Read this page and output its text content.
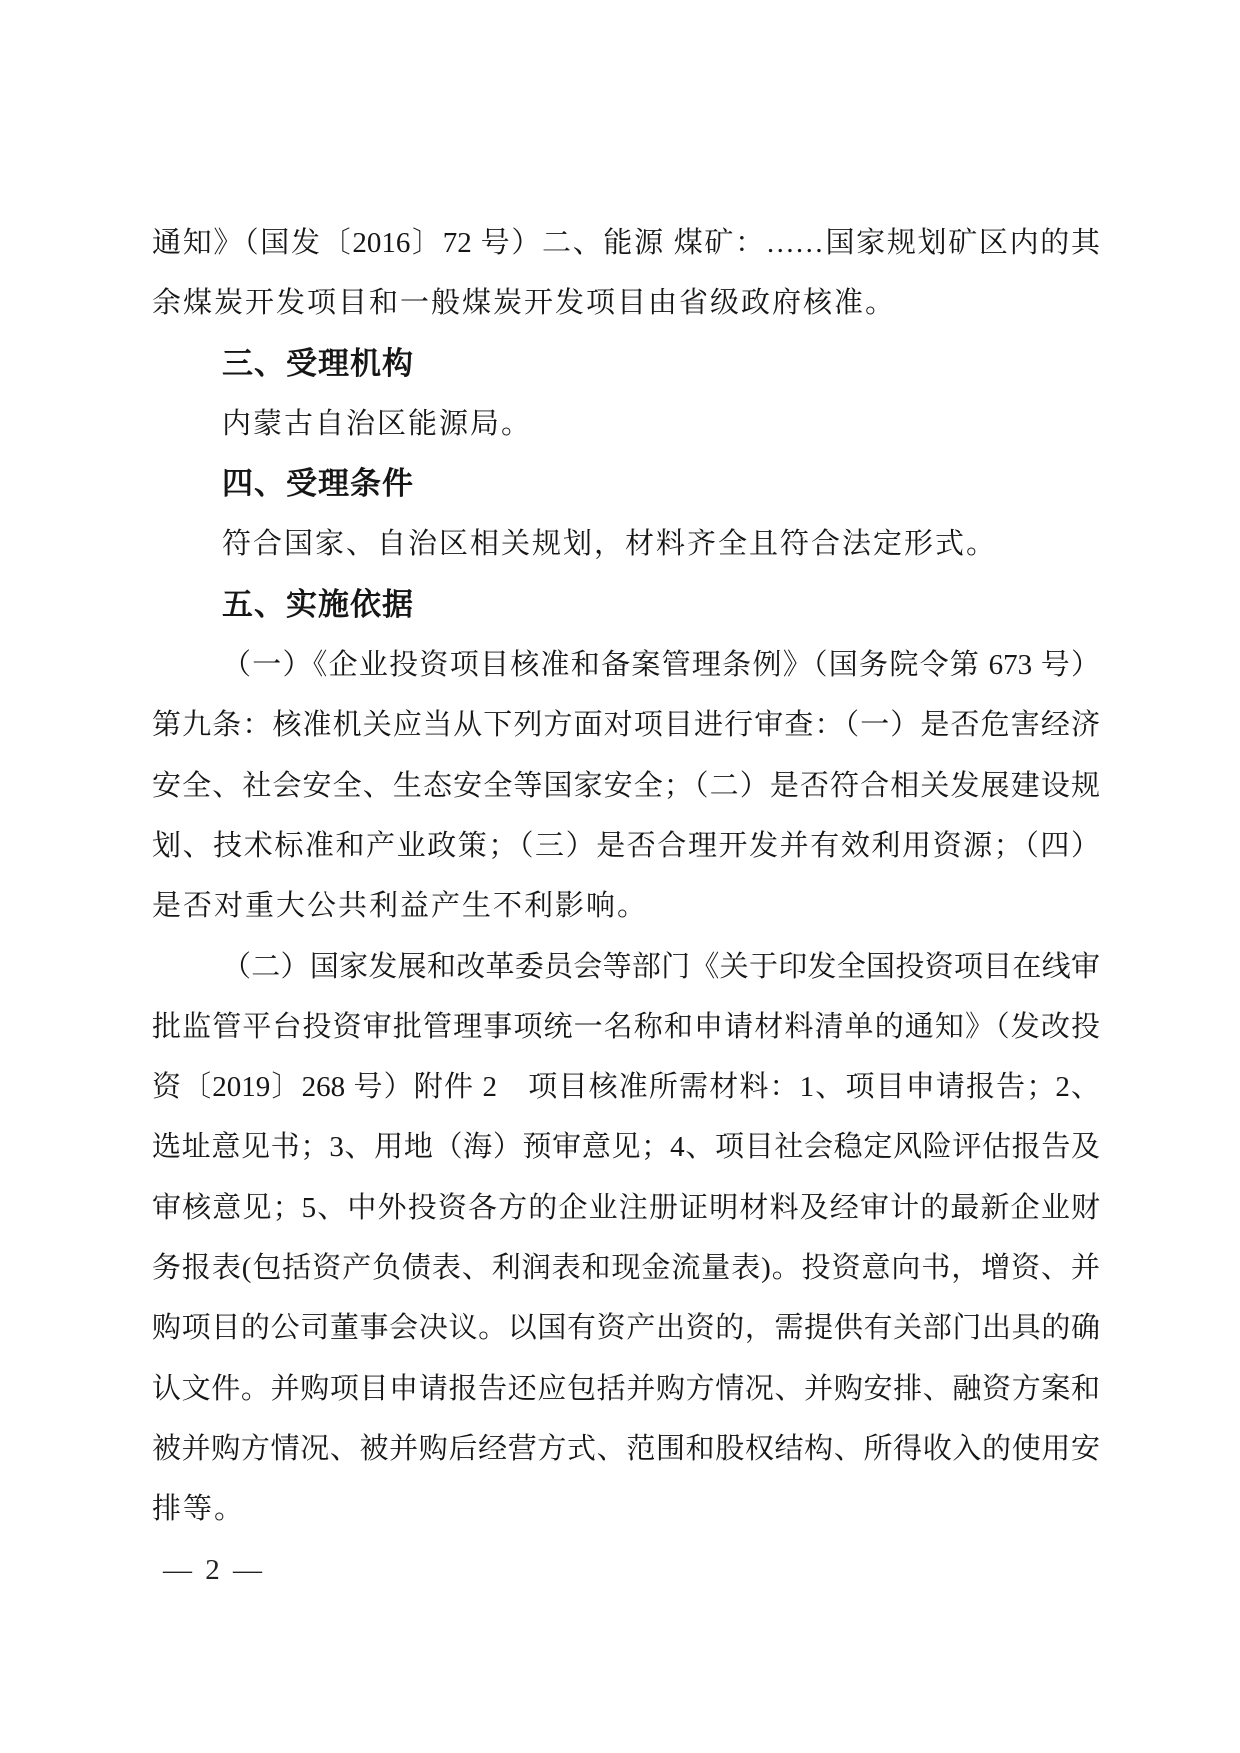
通知》（国发〔2016〕72 号）二、能源 煤矿：……国家规划矿区内的其
余煤炭开发项目和一般煤炭开发项目由省级政府核准。
三、受理机构
内蒙古自治区能源局。
四、受理条件
符合国家、自治区相关规划，材料齐全且符合法定形式。
五、实施依据
（一）《企业投资项目核准和备案管理条例》（国务院令第 673 号）
第九条：核准机关应当从下列方面对项目进行审查：（一）是否危害经济
安全、社会安全、生态安全等国家安全；（二）是否符合相关发展建设规
划、技术标准和产业政策；（三）是否合理开发并有效利用资源；（四）
是否对重大公共利益产生不利影响。
（二）国家发展和改革委员会等部门《关于印发全国投资项目在线审
批监管平台投资审批管理事项统一名称和申请材料清单的通知》（发改投
资〔2019〕268 号）附件 2　项目核准所需材料：1、项目申请报告；2、
选址意见书；3、用地（海）预审意见；4、项目社会稳定风险评估报告及
审核意见；5、中外投资各方的企业注册证明材料及经审计的最新企业财
务报表(包括资产负债表、利润表和现金流量表)。投资意向书，增资、并
购项目的公司董事会决议。以国有资产出资的，需提供有关部门出具的确
认文件。并购项目申请报告还应包括并购方情况、并购安排、融资方案和
被并购方情况、被并购后经营方式、范围和股权结构、所得收入的使用安
排等。
— 2 —
